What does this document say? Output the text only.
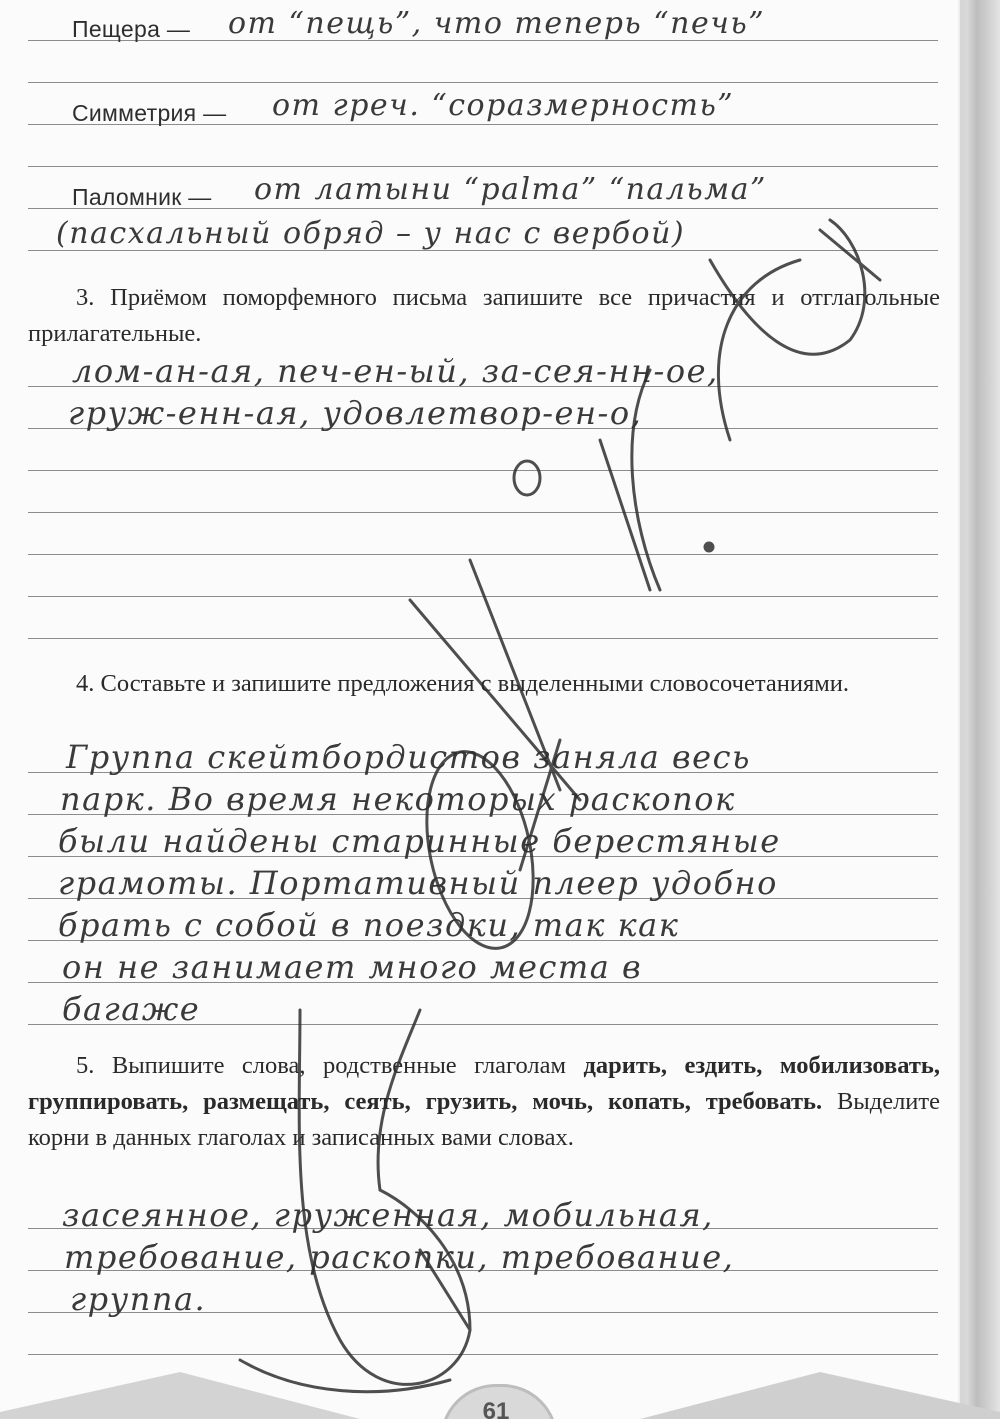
Пещера — от “пещь”, что теперь “печь”
Симметрия — от греч. “соразмерность”
Паломник — от латыни “palma” “пальма”
(пасхальный обряд – у нас с вербой)
3. Приёмом поморфемного письма запишите все причастия и отглагольные прилагательные.
лом-ан-ая, печ-ен-ый, за-сея-нн-ое,
груж-енн-ая, удовлетвор-ен-о,
4. Составьте и запишите предложения с выделенными словосочетаниями.
Группа скейтбордистов заняла весь
парк. Во время некоторых раскопок
были найдены старинные берестяные
грамоты. Портативный плеер удобно
брать с собой в поездки, так как
он не занимает много места в
багаже
5. Выпишите слова, родственные глаголам дарить, ездить, мобилизовать, группировать, размещать, сеять, грузить, мочь, копать, требовать. Выделите корни в данных глаголах и записанных вами словах.
засеянное, груженная, мобильная,
требование, раскопки, требование,
группа.
61
